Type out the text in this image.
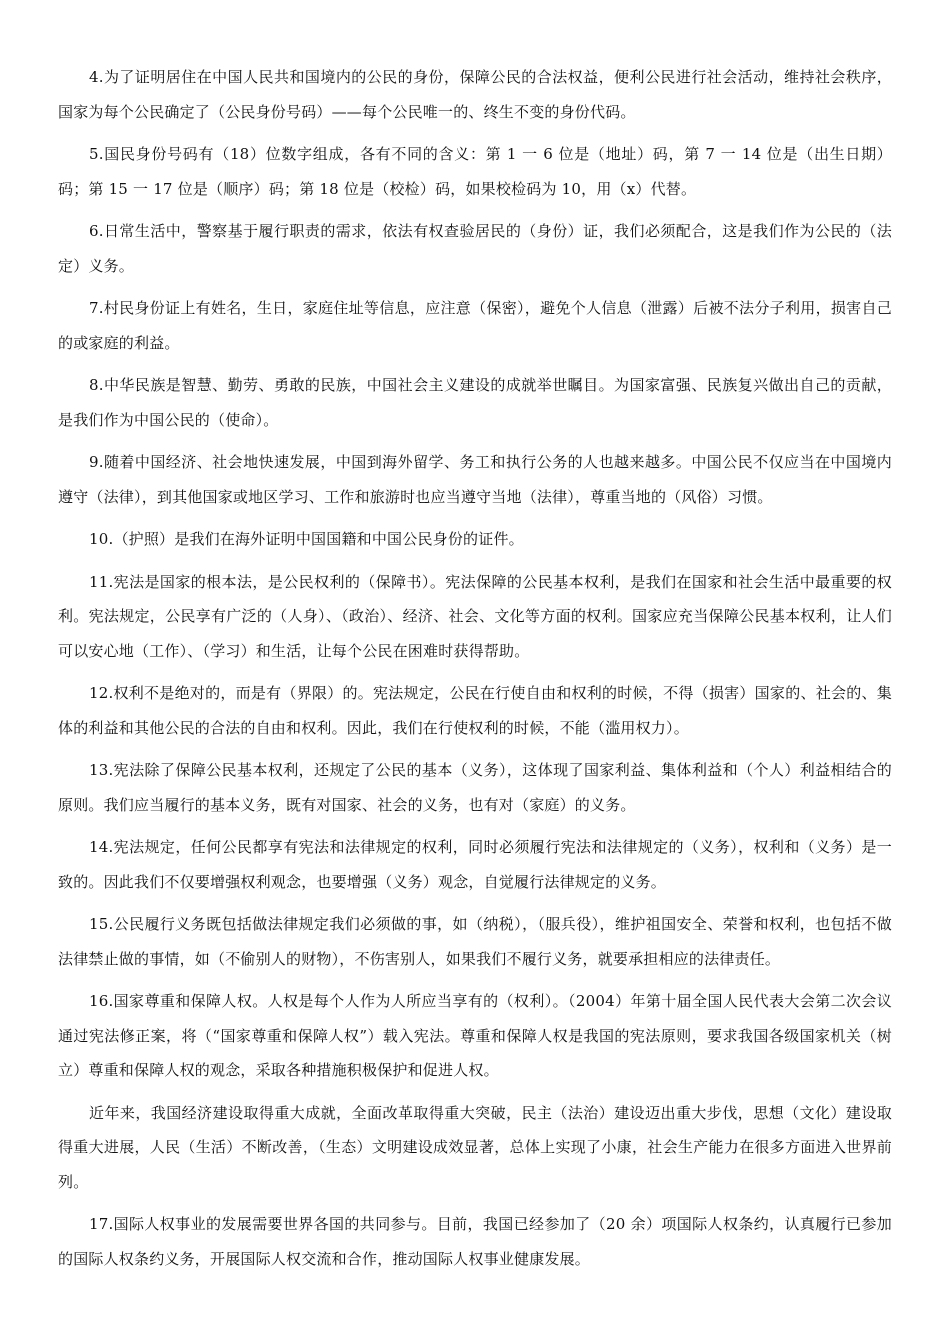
4.为了证明居住在中国人民共和国境内的公民的身份，保障公民的合法权益，便利公民进行社会活动，维持社会秩序，国家为每个公民确定了（公民身份号码）——每个公民唯一的、终生不变的身份代码。

5.国民身份号码有（18）位数字组成，各有不同的含义：第 1 一 6 位是（地址）码，第 7 一 14 位是（出生日期）码；第 15 一 17 位是（顺序）码；第 18 位是（校检）码，如果校检码为 10，用（x）代替。

6.日常生活中，警察基于履行职责的需求，依法有权查验居民的（身份）证，我们必须配合，这是我们作为公民的（法定）义务。

7.村民身份证上有姓名，生日，家庭住址等信息，应注意（保密），避免个人信息（泄露）后被不法分子利用，损害自己的或家庭的利益。

8.中华民族是智慧、勤劳、勇敢的民族，中国社会主义建设的成就举世瞩目。为国家富强、民族复兴做出自己的贡献，是我们作为中国公民的（使命）。

9.随着中国经济、社会地快速发展，中国到海外留学、务工和执行公务的人也越来越多。中国公民不仅应当在中国境内遵守（法律），到其他国家或地区学习、工作和旅游时也应当遵守当地（法律），尊重当地的（风俗）习惯。

10.（护照）是我们在海外证明中国国籍和中国公民身份的证件。

11.宪法是国家的根本法，是公民权利的（保障书）。宪法保障的公民基本权利，是我们在国家和社会生活中最重要的权利。宪法规定，公民享有广泛的（人身）、（政治）、经济、社会、文化等方面的权利。国家应充当保障公民基本权利，让人们可以安心地（工作）、（学习）和生活，让每个公民在困难时获得帮助。

12.权利不是绝对的，而是有（界限）的。宪法规定，公民在行使自由和权利的时候，不得（损害）国家的、社会的、集体的利益和其他公民的合法的自由和权利。因此，我们在行使权利的时候，不能（滥用权力）。

13.宪法除了保障公民基本权利，还规定了公民的基本（义务），这体现了国家利益、集体利益和（个人）利益相结合的原则。我们应当履行的基本义务，既有对国家、社会的义务，也有对（家庭）的义务。

14.宪法规定，任何公民都享有宪法和法律规定的权利，同时必须履行宪法和法律规定的（义务），权利和（义务）是一致的。因此我们不仅要增强权利观念，也要增强（义务）观念，自觉履行法律规定的义务。

15.公民履行义务既包括做法律规定我们必须做的事，如（纳税），（服兵役），维护祖国安全、荣誉和权利，也包括不做法律禁止做的事情，如（不偷别人的财物），不伤害别人，如果我们不履行义务，就要承担相应的法律责任。

16.国家尊重和保障人权。人权是每个人作为人所应当享有的（权利）。（2004）年第十届全国人民代表大会第二次会议通过宪法修正案，将（“国家尊重和保障人权”）载入宪法。尊重和保障人权是我国的宪法原则，要求我国各级国家机关（树立）尊重和保障人权的观念，采取各种措施积极保护和促进人权。

近年来，我国经济建设取得重大成就，全面改革取得重大突破，民主（法治）建设迈出重大步伐，思想（文化）建设取得重大进展，人民（生活）不断改善，（生态）文明建设成效显著，总体上实现了小康，社会生产能力在很多方面进入世界前列。

17.国际人权事业的发展需要世界各国的共同参与。目前，我国已经参加了（20 余）项国际人权条约，认真履行已参加的国际人权条约义务，开展国际人权交流和合作，推动国际人权事业健康发展。
